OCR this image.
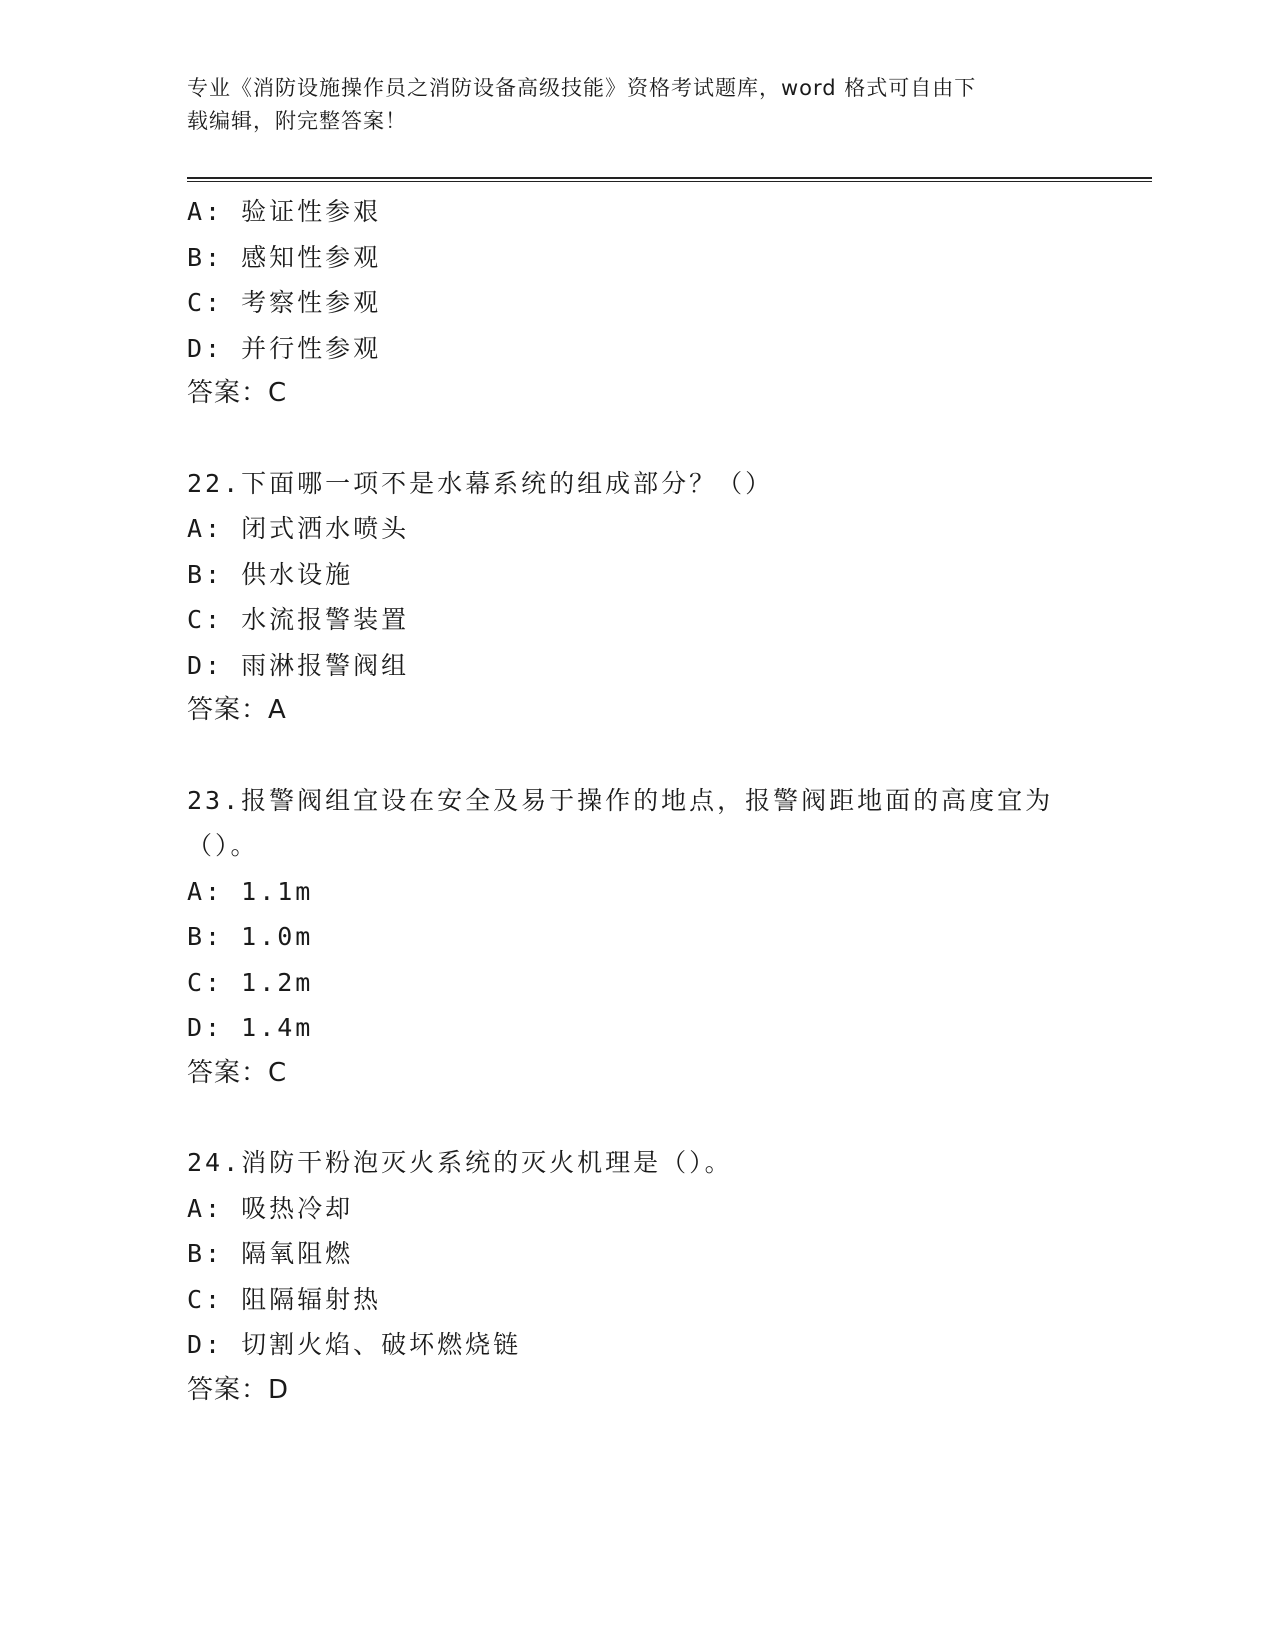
专业《消防设施操作员之消防设备高级技能》资格考试题库，word 格式可自由下
载编辑，附完整答案！
A: 验证性参艰
B: 感知性参观
C: 考察性参观
D: 并行性参观
答案：C
22.下面哪一项不是水幕系统的组成部分？（）
A: 闭式洒水喷头
B: 供水设施
C: 水流报警装置
D: 雨淋报警阀组
答案：A
23.报警阀组宜设在安全及易于操作的地点，报警阀距地面的高度宜为
（）。
A: 1.1m
B: 1.0m
C: 1.2m
D: 1.4m
答案：C
24.消防干粉泡灭火系统的灭火机理是（）。
A: 吸热冷却
B: 隔氧阻燃
C: 阻隔辐射热
D: 切割火焰、破坏燃烧链
答案：D
